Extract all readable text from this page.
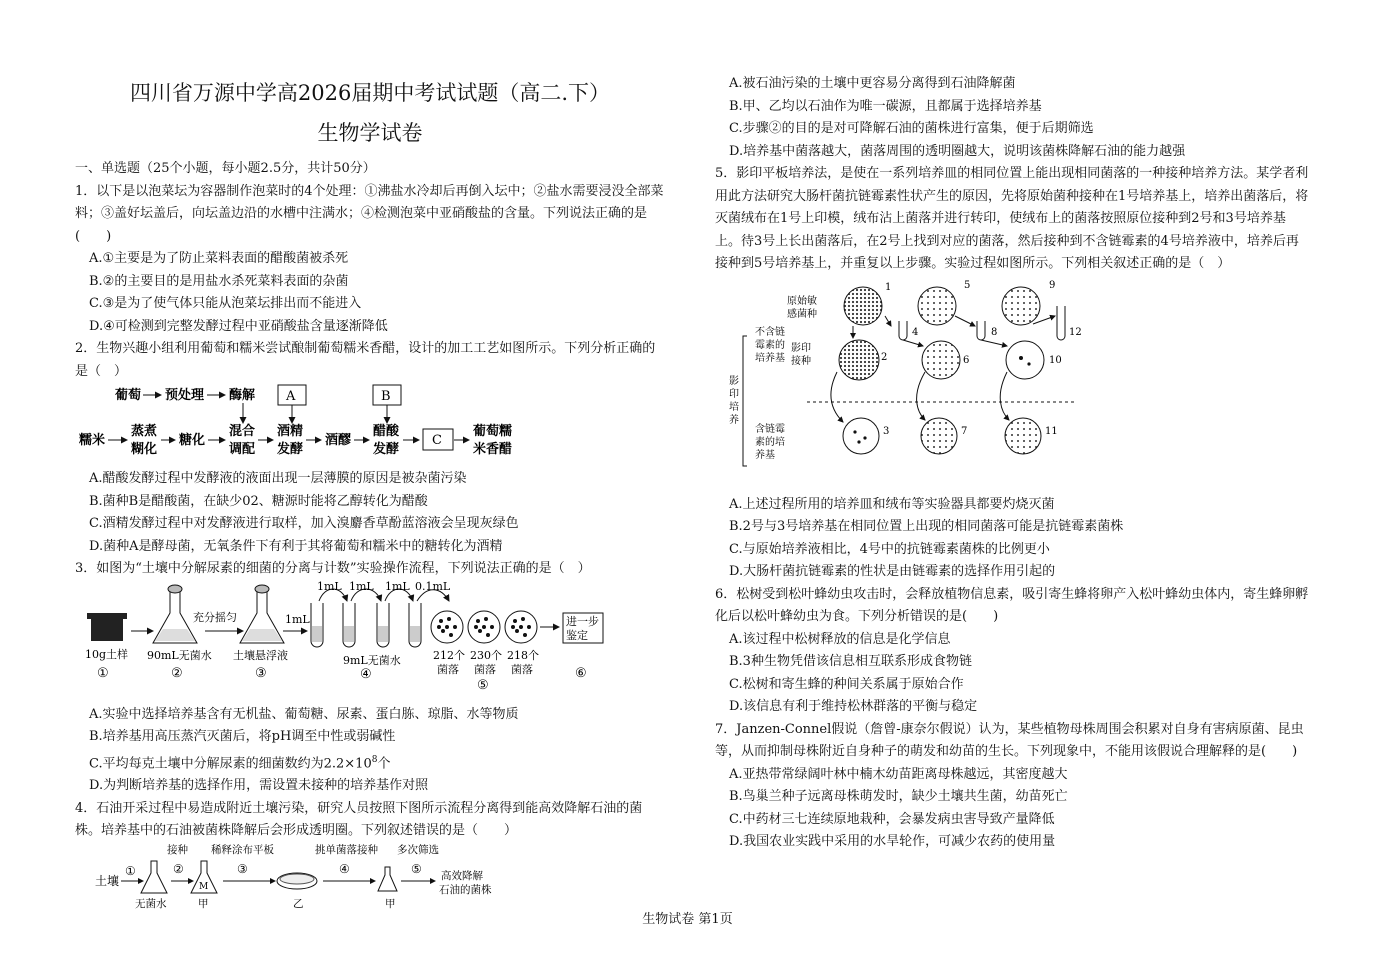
四川省万源中学高2026届期中考试试题（高二.下）
生物学试卷
一、单选题（25个小题，每小题2.5分，共计50分）
1．以下是以泡菜坛为容器制作泡菜时的4个处理：①沸盐水冷却后再倒入坛中；②盐水需要浸没全部菜料；③盖好坛盖后，向坛盖边沿的水槽中注满水；④检测泡菜中亚硝酸盐的含量。下列说法正确的是(　　)
A.①主要是为了防止菜料表面的醋酸菌被杀死
B.②的主要目的是用盐水杀死菜料表面的杂菌
C.③是为了使气体只能从泡菜坛排出而不能进入
D.④可检测到完整发酵过程中亚硝酸盐含量逐渐降低
2．生物兴趣小组利用葡萄和糯米尝试酿制葡萄糯米香醋，设计的加工工艺如图所示。下列分析正确的是（　）
葡萄 预处理 酶解 A	B
糯米
蒸煮
糊化
糖化
混合
调配
酒精
发酵
酒醪
醋酸
发酵
C
葡萄糯
米香醋
A.醋酸发酵过程中发酵液的液面出现一层薄膜的原因是被杂菌污染
B.菌种B是醋酸菌，在缺少02、糖源时能将乙醇转化为醋酸
C.酒精发酵过程中对发酵液进行取样，加入溴麝香草酚蓝溶液会呈现灰绿色
D.菌种A是酵母菌，无氧条件下有利于其将葡萄和糯米中的糖转化为酒精
3．如图为“土壤中分解尿素的细菌的分离与计数”实验操作流程，下列说法正确的是（　）
10g土样
①
90mL无菌水
②
充分摇匀
土壤悬浮液
③
1mL
1mL 1mL 1mL 0.1mL
9mL无菌水
④
212个 230个 218个
菌落 菌落 菌落
⑤
进一步
鉴定
⑥
A.实验中选择培养基含有无机盐、葡萄糖、尿素、蛋白胨、琼脂、水等物质
B.培养基用高压蒸汽灭菌后，将pH调至中性或弱碱性
C.平均每克土壤中分解尿素的细菌数约为$2.2\times 10^8$个
D.为判断培养基的选择作用，需设置未接种的培养基作对照
4．石油开采过程中易造成附近土壤污染，研究人员按照下图所示流程分离得到能高效降解石油的菌株。培养基中的石油被菌株降解后会形成透明圈。下列叙述错误的是（　　）
土壤
①
无菌水
接种
②
M
甲
稀释涂布平板
③
乙
挑单菌落接种
④
甲
多次筛选
⑤ 高效降解
石油的菌株
A.被石油污染的土壤中更容易分离得到石油降解菌
B.甲、乙均以石油作为唯一碳源，且都属于选择培养基
C.步骤②的目的是对可降解石油的菌株进行富集，便于后期筛选
D.培养基中菌落越大，菌落周围的透明圈越大，说明该菌株降解石油的能力越强
5．影印平板培养法，是使在一系列培养皿的相同位置上能出现相同菌落的一种接种培养方法。某学者利用此方法研究大肠杆菌抗链霉素性状产生的原因，先将原始菌种接种在1号培养基上，培养出菌落后，将灭菌绒布在1号上印模，绒布沾上菌落并进行转印，使绒布上的菌落按照原位接种到2号和3号培养基上。待3号上长出菌落后，在2号上找到对应的菌落，然后接种到不含链霉素的4号培养液中，培养后再接种到5号培养基上，并重复以上步骤。实验过程如图所示。下列相关叙述正确的是（　）
原始敏
感菌种
不含链
霉素的
培养基
影印
接种
影
印
培
养
含链霉
素的培
养基
1	5	9
4	8	12
2	6	10
3	7	11
A.上述过程所用的培养皿和绒布等实验器具都要灼烧灭菌
B.2号与3号培养基在相同位置上出现的相同菌落可能是抗链霉素菌株
C.与原始培养液相比，4号中的抗链霉素菌株的比例更小
D.大肠杆菌抗链霉素的性状是由链霉素的选择作用引起的
6．松树受到松叶蜂幼虫攻击时，会释放植物信息素，吸引寄生蜂将卵产入松叶蜂幼虫体内，寄生蜂卵孵化后以松叶蜂幼虫为食。下列分析错误的是(　　)
A.该过程中松树释放的信息是化学信息
B.3种生物凭借该信息相互联系形成食物链
C.松树和寄生蜂的种间关系属于原始合作
D.该信息有利于维持松林群落的平衡与稳定
7．Janzen-Connel假说（詹曾-康奈尔假说）认为，某些植物母株周围会积累对自身有害病原菌、昆虫等，从而抑制母株附近自身种子的萌发和幼苗的生长。下列现象中，不能用该假说合理解释的是(　　)
A.亚热带常绿阔叶林中楠木幼苗距离母株越远，其密度越大
B.鸟巢兰种子远离母株萌发时，缺少土壤共生菌，幼苗死亡
C.中药材三七连续原地栽种，会暴发病虫害导致产量降低
D.我国农业实践中采用的水旱轮作，可减少农药的使用量
生物试卷 第1页
